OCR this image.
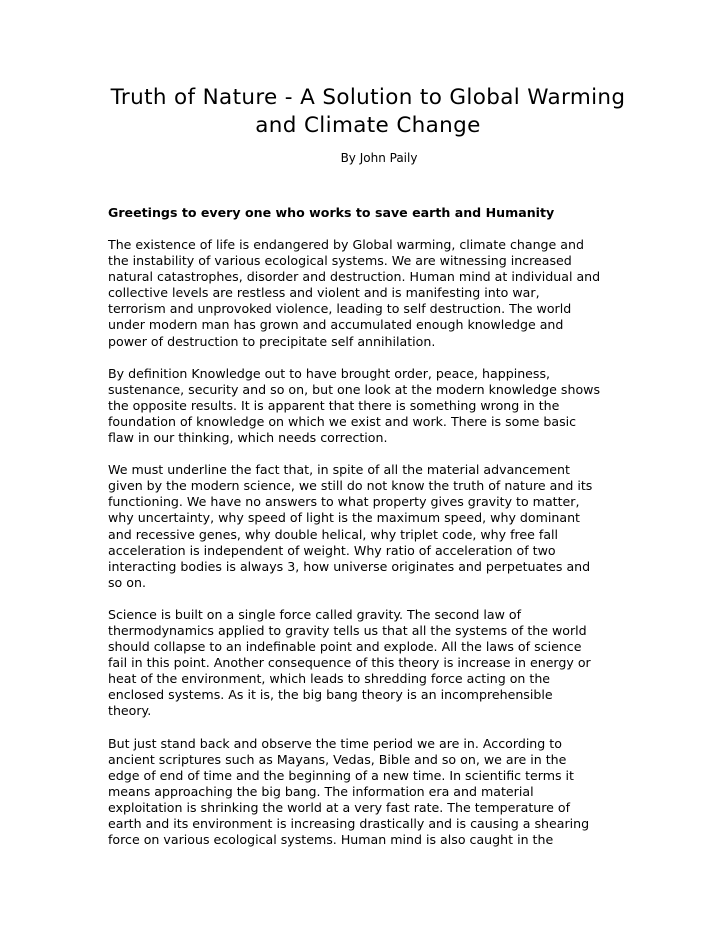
Truth of Nature - A Solution to Global Warming
and Climate Change

By John Paily

Greetings to every one who works to save earth and Humanity

The existence of life is endangered by Global warming, climate change and
the instability of various ecological systems. We are witnessing increased
natural catastrophes, disorder and destruction. Human mind at individual and
collective levels are restless and violent and is manifesting into war,
terrorism and unprovoked violence, leading to self destruction. The world
under modern man has grown and accumulated enough knowledge and
power of destruction to precipitate self annihilation.

By definition Knowledge out to have brought order, peace, happiness,
sustenance, security and so on, but one look at the modern knowledge shows
the opposite results. It is apparent that there is something wrong in the
foundation of knowledge on which we exist and work. There is some basic
flaw in our thinking, which needs correction.

We must underline the fact that, in spite of all the material advancement
given by the modern science, we still do not know the truth of nature and its
functioning. We have no answers to what property gives gravity to matter,
why uncertainty, why speed of light is the maximum speed, why dominant
and recessive genes, why double helical, why triplet code, why free fall
acceleration is independent of weight. Why ratio of acceleration of two
interacting bodies is always 3, how universe originates and perpetuates and
so on.

Science is built on a single force called gravity. The second law of
thermodynamics applied to gravity tells us that all the systems of the world
should collapse to an indefinable point and explode. All the laws of science
fail in this point. Another consequence of this theory is increase in energy or
heat of the environment, which leads to shredding force acting on the
enclosed systems. As it is, the big bang theory is an incomprehensible
theory.

But just stand back and observe the time period we are in. According to
ancient scriptures such as Mayans, Vedas, Bible and so on, we are in the
edge of end of time and the beginning of a new time. In scientific terms it
means approaching the big bang. The information era and material
exploitation is shrinking the world at a very fast rate. The temperature of
earth and its environment is increasing drastically and is causing a shearing
force on various ecological systems. Human mind is also caught in the
